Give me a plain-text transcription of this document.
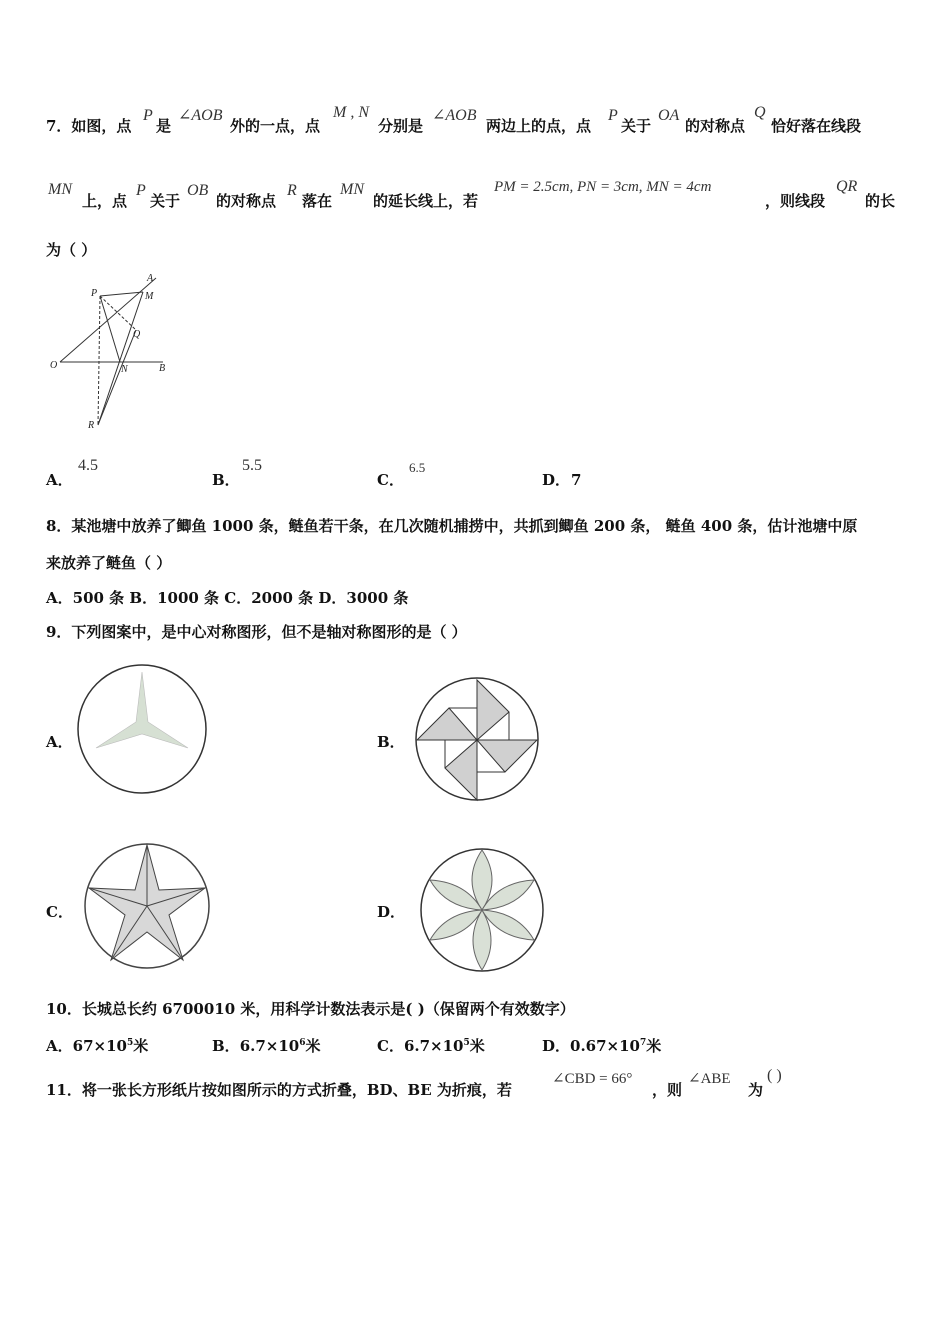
7．如图，点
P
是
∠AOB
外的一点，点
M , N
分别是
∠AOB
两边上的点，点
P
关于
OA
的对称点
Q
恰好落在线段
MN
上，点
P
关于
OB
的对称点
R
落在
MN
的延长线上，若
PM = 2.5cm, PN = 3cm, MN = 4cm
，则线段
QR
的长
为（ ）
A
P	M
Q
O	N	B
R
A．
4.5
B．
5.5
C．
6.5
D． 7
8．某池塘中放养了鲫鱼 1000 条，鲢鱼若干条，在几次随机捕捞中，共抓到鲫鱼 200 条， 鲢鱼 400 条，估计池塘中原
来放养了鲢鱼（ ）
A．500 条 B．1000 条 C．2000 条 D．3000 条
9．下列图案中，是中心对称图形，但不是轴对称图形的是（ ）
A．	B．
C．	D．
10．长城总长约 6700010 米，用科学计数法表示是( )（保留两个有效数字）
A．$67\times 10^5$米	B．$6.7\times 10^6$米	C．$6.7\times 10^5$米	D．$0.67\times 10^7$米
11．将一张长方形纸片按如图所示的方式折叠，BD、BE 为折痕，若
∠CBD = 66°
，则
∠ABE
为
( )
